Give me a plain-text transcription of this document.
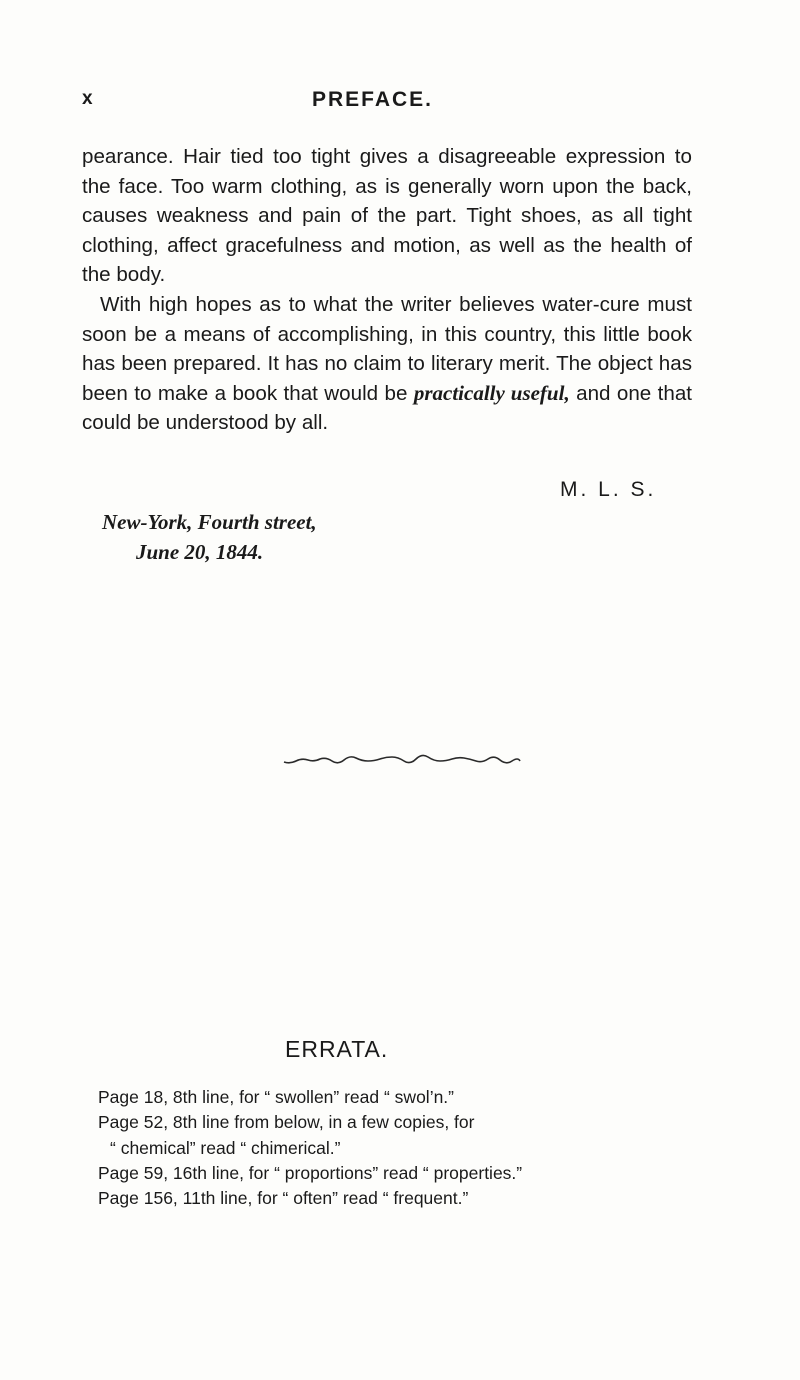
x	PREFACE.

pearance. Hair tied too tight gives a disagreeable expression to the face. Too warm clothing, as is generally worn upon the back, causes weakness and pain of the part. Tight shoes, as all tight clothing, affect gracefulness and motion, as well as the health of the body.

With high hopes as to what the writer believes water-cure must soon be a means of accomplishing, in this country, this little book has been prepared. It has no claim to literary merit. The object has been to make a book that would be practically useful, and one that could be understood by all.

M. L. S.
New-York, Fourth street,
June 20, 1844.
ERRATA.
Page 18, 8th line, for “ swollen” read “ swol’n.”
Page 52, 8th line from below, in a few copies, for
“ chemical” read “ chimerical.”
Page 59, 16th line, for “ proportions” read “ properties.”
Page 156, 11th line, for “ often” read “ frequent.”
